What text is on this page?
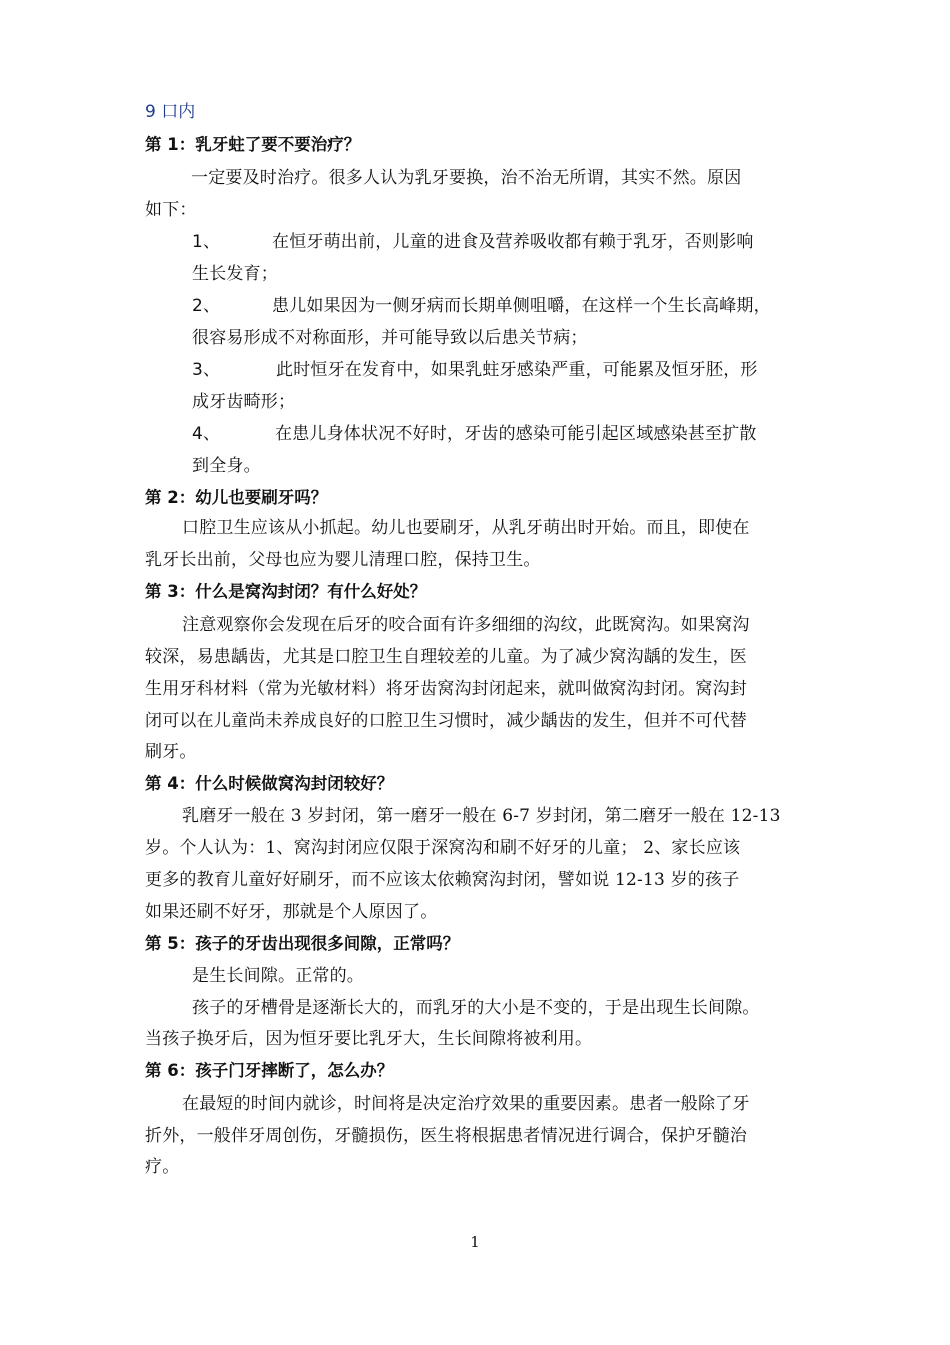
9 口内
第 1：乳牙蛀了要不要治疗？
一定要及时治疗。很多人认为乳牙要换，治不治无所谓，其实不然。原因
如下：
1、	在恒牙萌出前，儿童的进食及营养吸收都有赖于乳牙，否则影响
生长发育；
2、	患儿如果因为一侧牙病而长期单侧咀嚼，在这样一个生长高峰期，
很容易形成不对称面形，并可能导致以后患关节病；
3、	此时恒牙在发育中，如果乳蛀牙感染严重，可能累及恒牙胚，形
成牙齿畸形；
4、	在患儿身体状况不好时，牙齿的感染可能引起区域感染甚至扩散
到全身。
第 2：幼儿也要刷牙吗？
口腔卫生应该从小抓起。幼儿也要刷牙，从乳牙萌出时开始。而且，即使在
乳牙长出前，父母也应为婴儿清理口腔，保持卫生。
第 3：什么是窝沟封闭？有什么好处？
注意观察你会发现在后牙的咬合面有许多细细的沟纹，此既窝沟。如果窝沟
较深，易患龋齿，尤其是口腔卫生自理较差的儿童。为了减少窝沟龋的发生，医
生用牙科材料（常为光敏材料）将牙齿窝沟封闭起来，就叫做窝沟封闭。窝沟封
闭可以在儿童尚未养成良好的口腔卫生习惯时，减少龋齿的发生，但并不可代替
刷牙。
第 4：什么时候做窝沟封闭较好？
乳磨牙一般在 3 岁封闭，第一磨牙一般在 6-7 岁封闭，第二磨牙一般在 12-13
岁。个人认为：1、窝沟封闭应仅限于深窝沟和刷不好牙的儿童； 2、家长应该
更多的教育儿童好好刷牙，而不应该太依赖窝沟封闭，譬如说 12-13 岁的孩子
如果还刷不好牙，那就是个人原因了。
第 5：孩子的牙齿出现很多间隙，正常吗？
是生长间隙。正常的。
孩子的牙槽骨是逐渐长大的，而乳牙的大小是不变的，于是出现生长间隙。
当孩子换牙后，因为恒牙要比乳牙大，生长间隙将被利用。
第 6：孩子门牙摔断了，怎么办？
在最短的时间内就诊，时间将是决定治疗效果的重要因素。患者一般除了牙
折外，一般伴牙周创伤，牙髓损伤，医生将根据患者情况进行调合，保护牙髓治
疗。
1
